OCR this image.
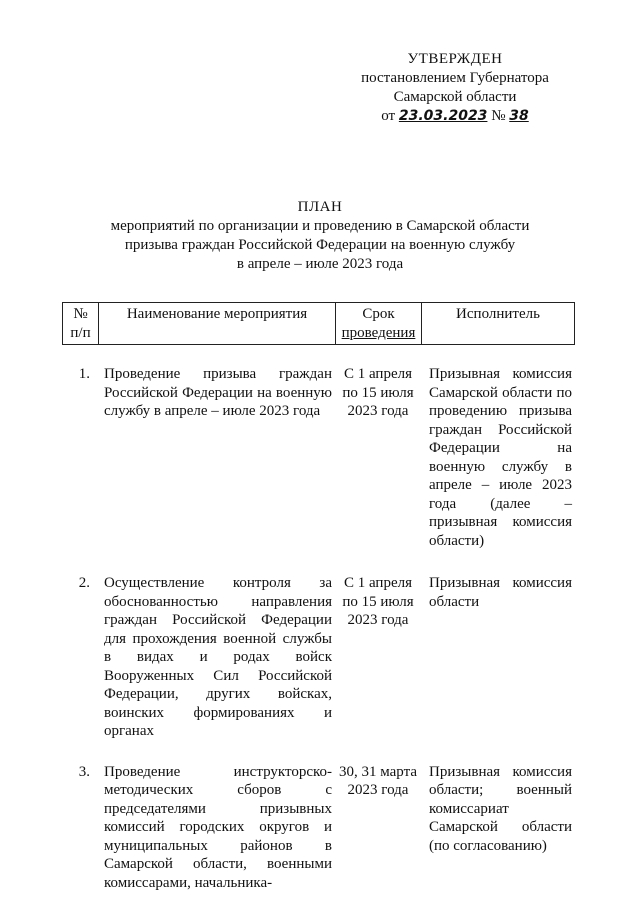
УТВЕРЖДЕН
постановлением Губернатора
Самарской области
от 23.03.2023 № 38
ПЛАН
мероприятий по организации и проведению в Самарской области
призыва граждан Российской Федерации на военную службу
в апреле – июле 2023 года
№
п/п
Наименование мероприятия	Срок
проведения
Исполнитель
1. Проведение призыва граждан Российской Федерации на военную службу в апреле – июле 2023 года
С 1 апреля по 15 июля 2023 года
Призывная комиссия Самарской области по проведению призыва граждан Российской Федерации на военную службу в апреле – июле 2023 года (далее – призывная комиссия области)
2. Осуществление контроля за обоснованностью направления граждан Российской Федерации для прохождения военной службы в видах и родах войск Вооруженных Сил Российской Федерации, других войсках, воинских формированиях и органах
С 1 апреля по 15 июля 2023 года
Призывная комиссия области
3. Проведение инструкторско-методических сборов с председателями призывных комиссий городских округов и муниципальных районов в Самарской области, военными комиссарами, начальника-
30, 31 марта 2023 года
Призывная комиссия области; военный комиссариат Самарской области (по согласованию)
